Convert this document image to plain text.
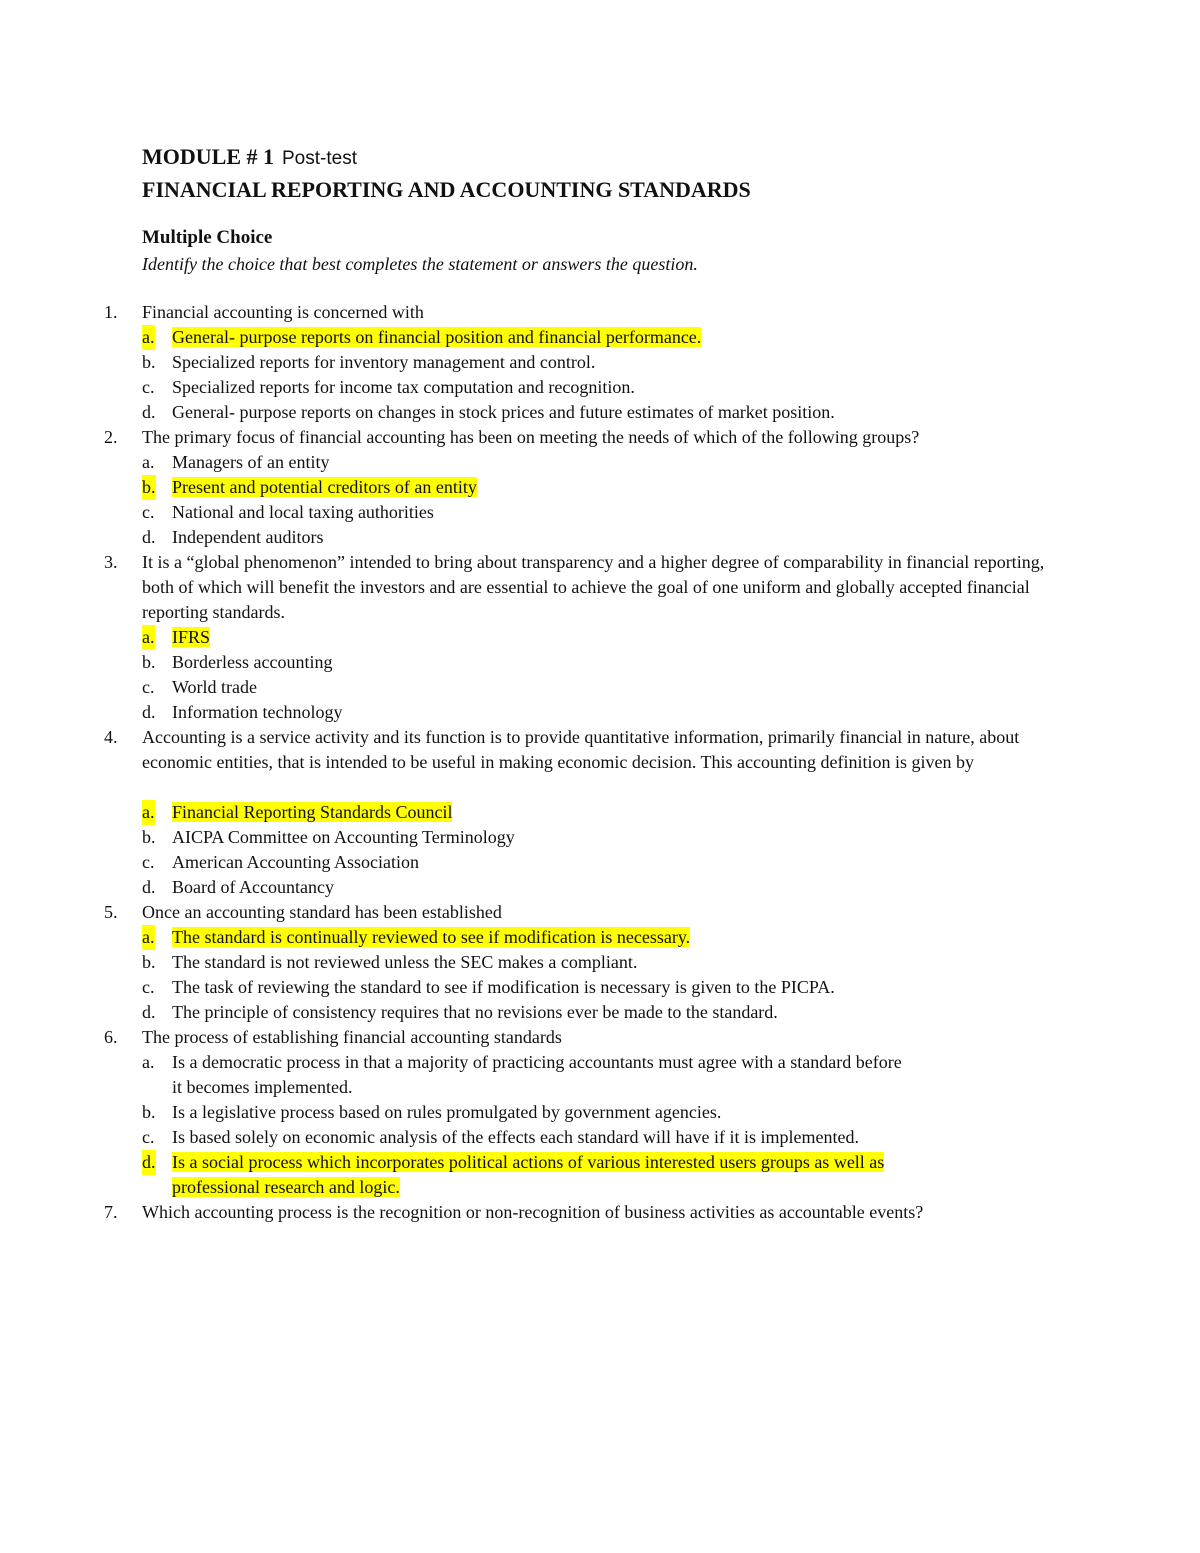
MODULE # 1 Post-test
FINANCIAL REPORTING AND ACCOUNTING STANDARDS
Multiple Choice
Identify the choice that best completes the statement or answers the question.
1. Financial accounting is concerned with
a. General- purpose reports on financial position and financial performance.
b. Specialized reports for inventory management and control.
c. Specialized reports for income tax computation and recognition.
d. General- purpose reports on changes in stock prices and future estimates of market position.
2. The primary focus of financial accounting has been on meeting the needs of which of the following groups?
a. Managers of an entity
b. Present and potential creditors of an entity
c. National and local taxing authorities
d. Independent auditors
3. It is a “global phenomenon” intended to bring about transparency and a higher degree of comparability in financial reporting, both of which will benefit the investors and are essential to achieve the goal of one uniform and globally accepted financial reporting standards.
a. IFRS
b. Borderless accounting
c. World trade
d. Information technology
4. Accounting is a service activity and its function is to provide quantitative information, primarily financial in nature, about economic entities, that is intended to be useful in making economic decision. This accounting definition is given by
a. Financial Reporting Standards Council
b. AICPA Committee on Accounting Terminology
c. American Accounting Association
d. Board of Accountancy
5. Once an accounting standard has been established
a. The standard is continually reviewed to see if modification is necessary.
b. The standard is not reviewed unless the SEC makes a compliant.
c. The task of reviewing the standard to see if modification is necessary is given to the PICPA.
d. The principle of consistency requires that no revisions ever be made to the standard.
6. The process of establishing financial accounting standards
a. Is a democratic process in that a majority of practicing accountants must agree with a standard before it becomes implemented.
b. Is a legislative process based on rules promulgated by government agencies.
c. Is based solely on economic analysis of the effects each standard will have if it is implemented.
d. Is a social process which incorporates political actions of various interested users groups as well as professional research and logic.
7. Which accounting process is the recognition or non-recognition of business activities as accountable events?
